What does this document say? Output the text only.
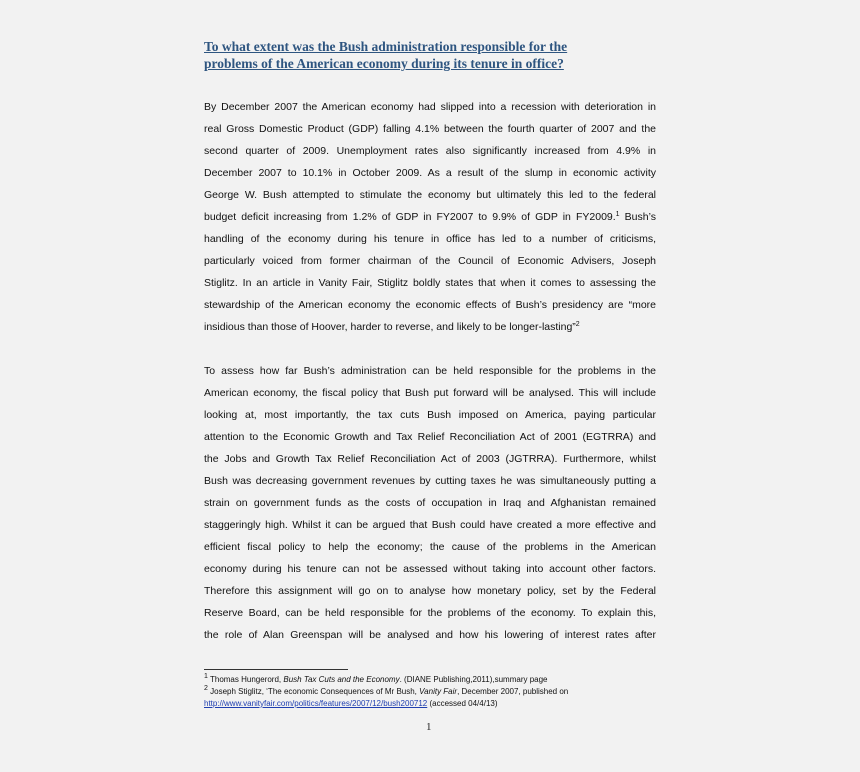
To what extent was the Bush administration responsible for the
problems of the American economy during its tenure in office?
By December 2007 the American economy had slipped into a recession with deterioration in
real Gross Domestic Product (GDP) falling 4.1% between the fourth quarter of 2007 and the
second quarter of 2009. Unemployment rates also significantly increased from 4.9% in
December 2007 to 10.1% in October 2009. As a result of the slump in economic activity
George W. Bush attempted to stimulate the economy but ultimately this led to the federal
budget deficit increasing from 1.2% of GDP in FY2007 to 9.9% of GDP in FY2009.$^1$ Bush’s
handling of the economy during his tenure in office has led to a number of criticisms,
particularly voiced from former chairman of the Council of Economic Advisers, Joseph
Stiglitz. In an article in Vanity Fair, Stiglitz boldly states that when it comes to assessing the
stewardship of the American economy the economic effects of Bush’s presidency are “more
insidious than those of Hoover, harder to reverse, and likely to be longer-lasting”$^2$
To assess how far Bush’s administration can be held responsible for the problems in the
American economy, the fiscal policy that Bush put forward will be analysed. This will include
looking at, most importantly, the tax cuts Bush imposed on America, paying particular
attention to the Economic Growth and Tax Relief Reconciliation Act of 2001 (EGTRRA) and
the Jobs and Growth Tax Relief Reconciliation Act of 2003 (JGTRRA). Furthermore, whilst
Bush was decreasing government revenues by cutting taxes he was simultaneously putting a
strain on government funds as the costs of occupation in Iraq and Afghanistan remained
staggeringly high. Whilst it can be argued that Bush could have created a more effective and
efficient fiscal policy to help the economy; the cause of the problems in the American
economy during his tenure can not be assessed without taking into account other factors.
Therefore this assignment will go on to analyse how monetary policy, set by the Federal
Reserve Board, can be held responsible for the problems of the economy. To explain this,
the role of Alan Greenspan will be analysed and how his lowering of interest rates after
$^1$ Thomas Hungerord, Bush Tax Cuts and the Economy. (DIANE Publishing,2011),summary page
$^2$ Joseph Stiglitz, ‘The economic Consequences of Mr Bush, Vanity Fair, December 2007, published on
http://www.vanityfair.com/politics/features/2007/12/bush200712 (accessed 04/4/13)
1
